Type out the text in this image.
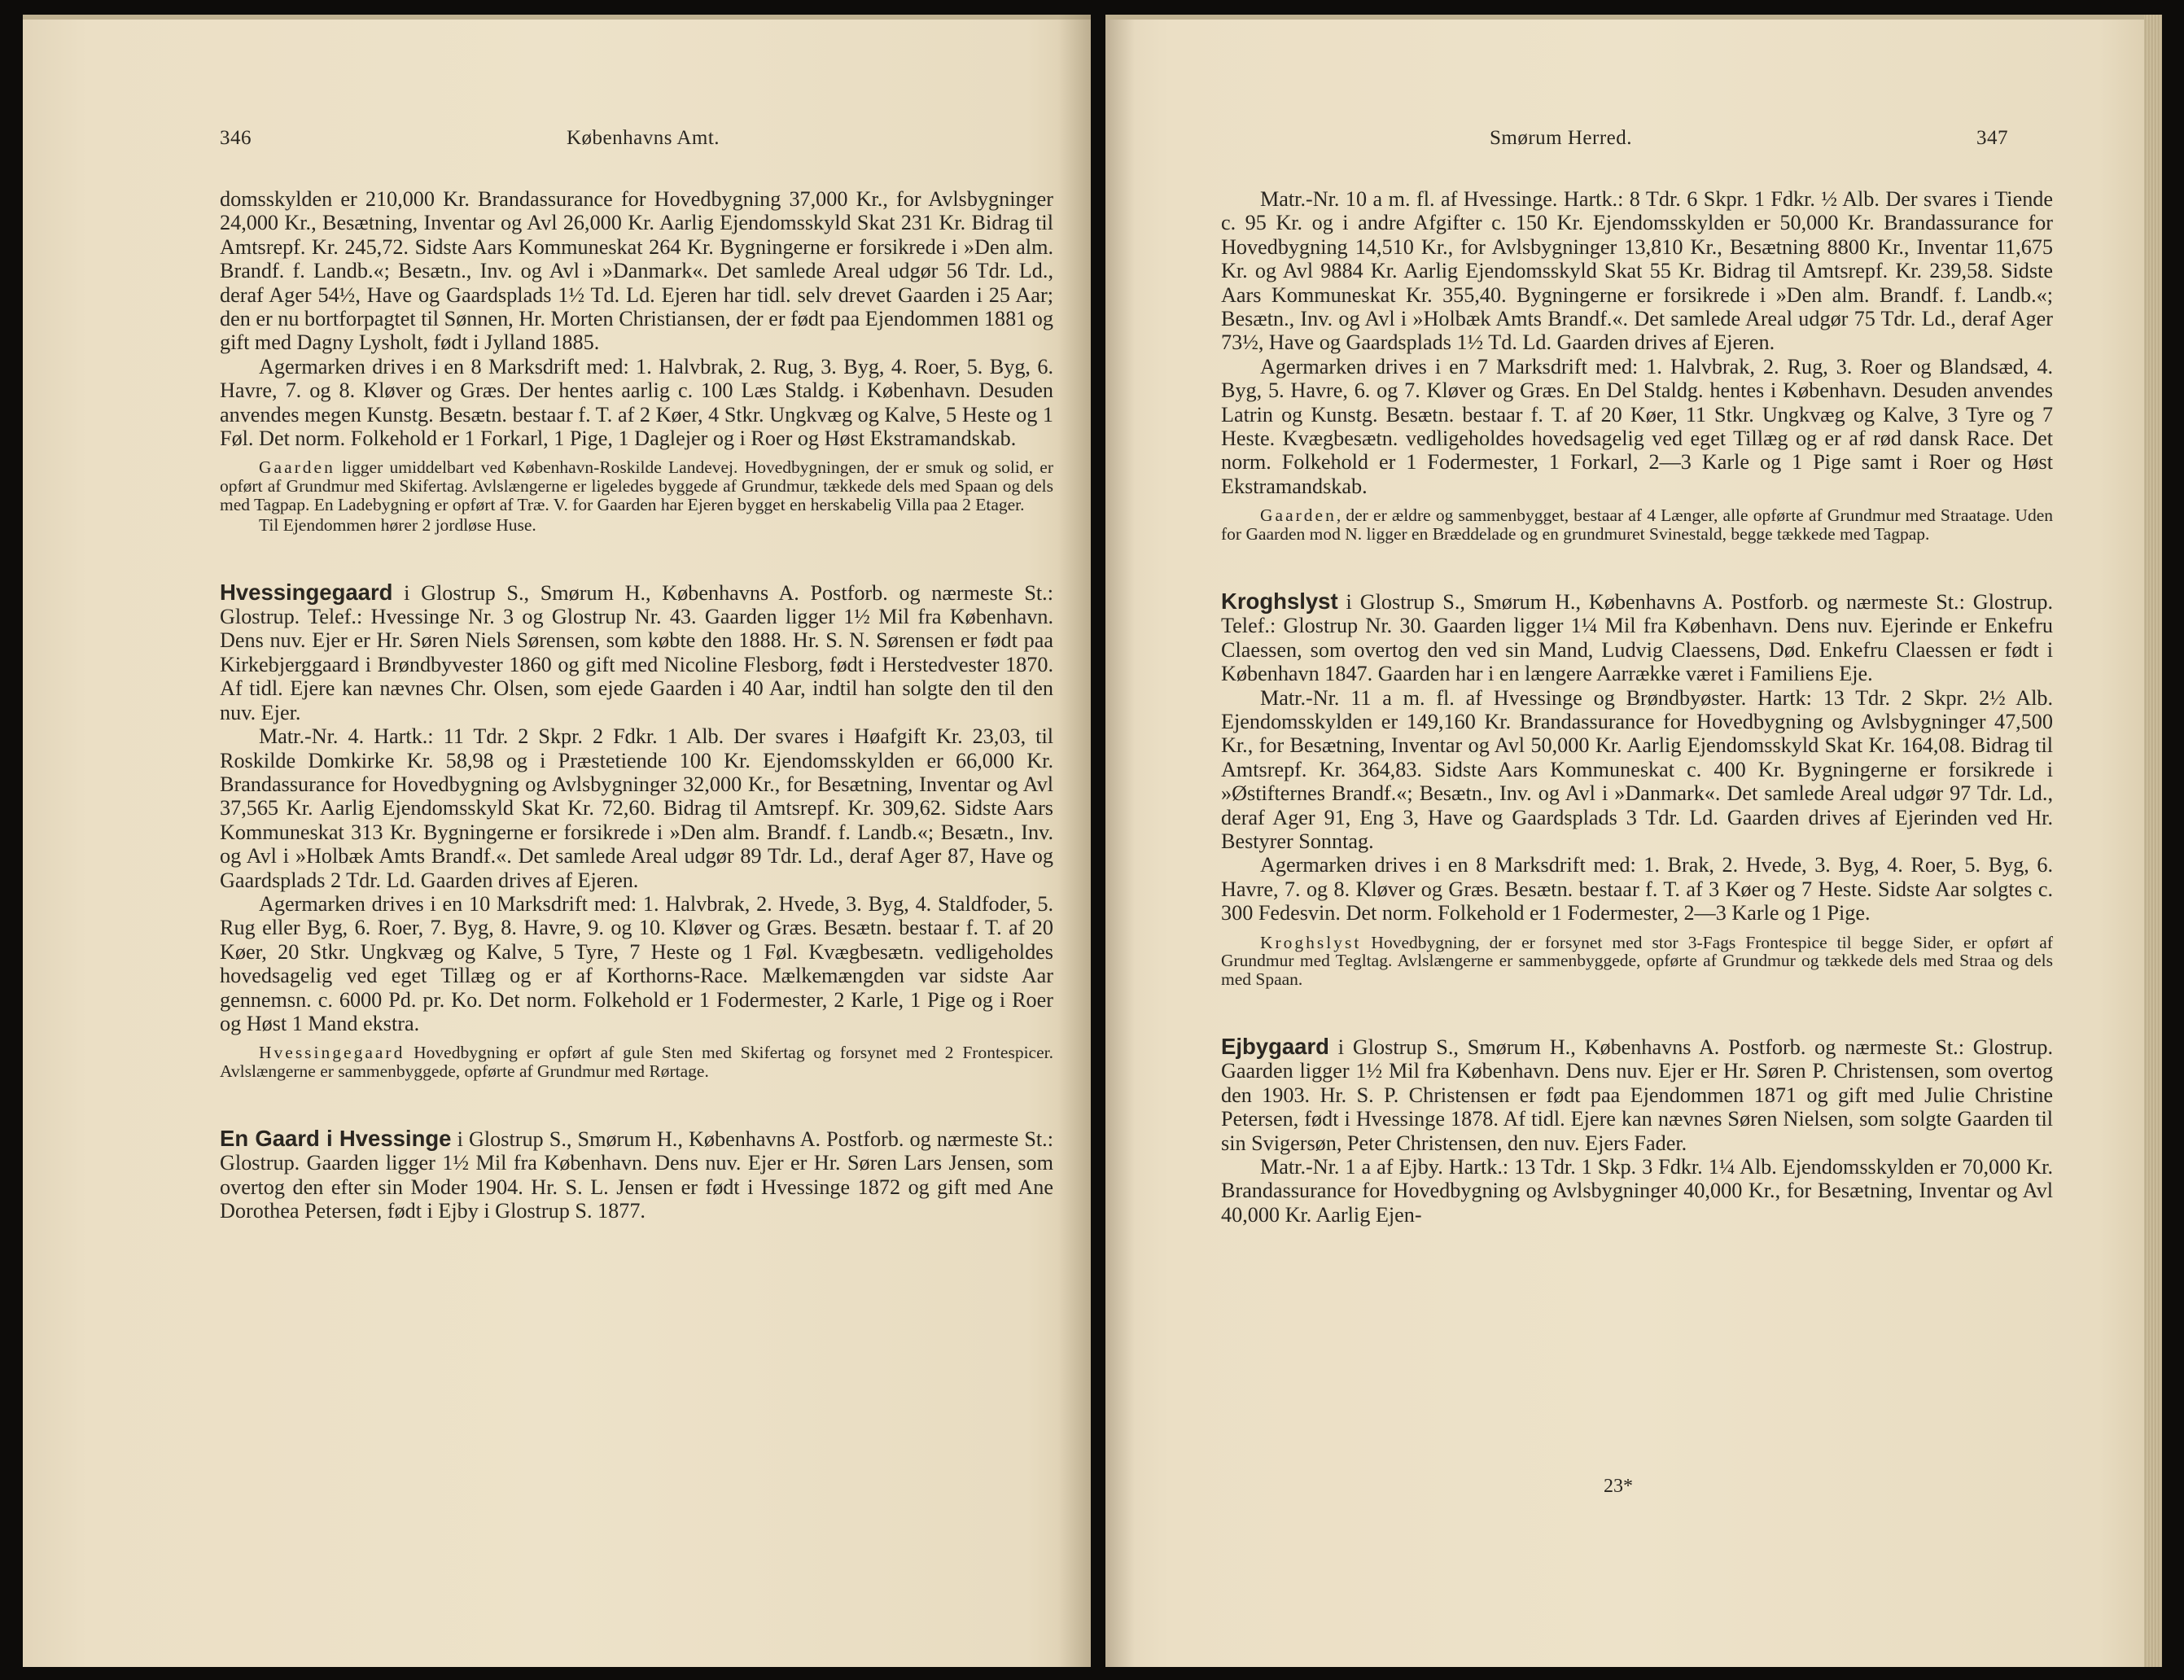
346	Københavns Amt.

domsskylden er 210,000 Kr. Brandassurance for Hovedbygning 37,000 Kr., for Avlsbygninger 24,000 Kr., Besætning, Inventar og Avl 26,000 Kr. Aarlig Ejendomsskyld Skat 231 Kr. Bidrag til Amtsrepf. Kr. 245,72. Sidste Aars Kommuneskat 264 Kr. Bygningerne er forsikrede i »Den alm. Brandf. f. Landb.«; Besætn., Inv. og Avl i »Danmark«. Det samlede Areal udgør 56 Tdr. Ld., deraf Ager 54½, Have og Gaardsplads 1½ Td. Ld. Ejeren har tidl. selv drevet Gaarden i 25 Aar; den er nu bortforpagtet til Sønnen, Hr. Morten Christiansen, der er født paa Ejendommen 1881 og gift med Dagny Lysholt, født i Jylland 1885.

Agermarken drives i en 8 Marksdrift med: 1. Halvbrak, 2. Rug, 3. Byg, 4. Roer, 5. Byg, 6. Havre, 7. og 8. Kløver og Græs. Der hentes aarlig c. 100 Læs Staldg. i København. Desuden anvendes megen Kunstg. Besætn. bestaar f. T. af 2 Køer, 4 Stkr. Ungkvæg og Kalve, 5 Heste og 1 Føl. Det norm. Folkehold er 1 Forkarl, 1 Pige, 1 Daglejer og i Roer og Høst Ekstramandskab.

Gaarden ligger umiddelbart ved København-Roskilde Landevej. Hovedbygningen, der er smuk og solid, er opført af Grundmur med Skifertag. Avlslængerne er ligeledes byggede af Grundmur, tækkede dels med Spaan og dels med Tagpap. En Ladebygning er opført af Træ. V. for Gaarden har Ejeren bygget en herskabelig Villa paa 2 Etager.

Til Ejendommen hører 2 jordløse Huse.

Hvessingegaard i Glostrup S., Smørum H., Københavns A. Postforb. og nærmeste St.: Glostrup. Telef.: Hvessinge Nr. 3 og Glostrup Nr. 43. Gaarden ligger 1½ Mil fra København. Dens nuv. Ejer er Hr. Søren Niels Sørensen, som købte den 1888. Hr. S. N. Sørensen er født paa Kirkebjerggaard i Brøndbyvester 1860 og gift med Nicoline Flesborg, født i Herstedvester 1870. Af tidl. Ejere kan nævnes Chr. Olsen, som ejede Gaarden i 40 Aar, indtil han solgte den til den nuv. Ejer.

Matr.-Nr. 4. Hartk.: 11 Tdr. 2 Skpr. 2 Fdkr. 1 Alb. Der svares i Høafgift Kr. 23,03, til Roskilde Domkirke Kr. 58,98 og i Præstetiende 100 Kr. Ejendomsskylden er 66,000 Kr. Brandassurance for Hovedbygning og Avlsbygninger 32,000 Kr., for Besætning, Inventar og Avl 37,565 Kr. Aarlig Ejendomsskyld Skat Kr. 72,60. Bidrag til Amtsrepf. Kr. 309,62. Sidste Aars Kommuneskat 313 Kr. Bygningerne er forsikrede i »Den alm. Brandf. f. Landb.«; Besætn., Inv. og Avl i »Holbæk Amts Brandf.«. Det samlede Areal udgør 89 Tdr. Ld., deraf Ager 87, Have og Gaardsplads 2 Tdr. Ld. Gaarden drives af Ejeren.

Agermarken drives i en 10 Marksdrift med: 1. Halvbrak, 2. Hvede, 3. Byg, 4. Staldfoder, 5. Rug eller Byg, 6. Roer, 7. Byg, 8. Havre, 9. og 10. Kløver og Græs. Besætn. bestaar f. T. af 20 Køer, 20 Stkr. Ungkvæg og Kalve, 5 Tyre, 7 Heste og 1 Føl. Kvægbesætn. vedligeholdes hovedsagelig ved eget Tillæg og er af Korthorns-Race. Mælkemængden var sidste Aar gennemsn. c. 6000 Pd. pr. Ko. Det norm. Folkehold er 1 Fodermester, 2 Karle, 1 Pige og i Roer og Høst 1 Mand ekstra.

Hvessingegaard Hovedbygning er opført af gule Sten med Skifertag og forsynet med 2 Frontespicer. Avlslængerne er sammenbyggede, opførte af Grundmur med Rørtage.

En Gaard i Hvessinge i Glostrup S., Smørum H., Københavns A. Postforb. og nærmeste St.: Glostrup. Gaarden ligger 1½ Mil fra København. Dens nuv. Ejer er Hr. Søren Lars Jensen, som overtog den efter sin Moder 1904. Hr. S. L. Jensen er født i Hvessinge 1872 og gift med Ane Dorothea Petersen, født i Ejby i Glostrup S. 1877.

Smørum Herred.	347

Matr.-Nr. 10 a m. fl. af Hvessinge. Hartk.: 8 Tdr. 6 Skpr. 1 Fdkr. ½ Alb. Der svares i Tiende c. 95 Kr. og i andre Afgifter c. 150 Kr. Ejendomsskylden er 50,000 Kr. Brandassurance for Hovedbygning 14,510 Kr., for Avlsbygninger 13,810 Kr., Besætning 8800 Kr., Inventar 11,675 Kr. og Avl 9884 Kr. Aarlig Ejendomsskyld Skat 55 Kr. Bidrag til Amtsrepf. Kr. 239,58. Sidste Aars Kommuneskat Kr. 355,40. Bygningerne er forsikrede i »Den alm. Brandf. f. Landb.«; Besætn., Inv. og Avl i »Holbæk Amts Brandf.«. Det samlede Areal udgør 75 Tdr. Ld., deraf Ager 73½, Have og Gaardsplads 1½ Td. Ld. Gaarden drives af Ejeren.

Agermarken drives i en 7 Marksdrift med: 1. Halvbrak, 2. Rug, 3. Roer og Blandsæd, 4. Byg, 5. Havre, 6. og 7. Kløver og Græs. En Del Staldg. hentes i København. Desuden anvendes Latrin og Kunstg. Besætn. bestaar f. T. af 20 Køer, 11 Stkr. Ungkvæg og Kalve, 3 Tyre og 7 Heste. Kvægbesætn. vedligeholdes hovedsagelig ved eget Tillæg og er af rød dansk Race. Det norm. Folkehold er 1 Fodermester, 1 Forkarl, 2—3 Karle og 1 Pige samt i Roer og Høst Ekstramandskab.

Gaarden, der er ældre og sammenbygget, bestaar af 4 Længer, alle opførte af Grundmur med Straatage. Uden for Gaarden mod N. ligger en Bræddelade og en grundmuret Svinestald, begge tækkede med Tagpap.

Kroghslyst i Glostrup S., Smørum H., Københavns A. Postforb. og nærmeste St.: Glostrup. Telef.: Glostrup Nr. 30. Gaarden ligger 1¼ Mil fra København. Dens nuv. Ejerinde er Enkefru Claessen, som overtog den ved sin Mand, Ludvig Claessens, Død. Enkefru Claessen er født i København 1847. Gaarden har i en længere Aarrække været i Familiens Eje.

Matr.-Nr. 11 a m. fl. af Hvessinge og Brøndbyøster. Hartk: 13 Tdr. 2 Skpr. 2½ Alb. Ejendomsskylden er 149,160 Kr. Brandassurance for Hovedbygning og Avlsbygninger 47,500 Kr., for Besætning, Inventar og Avl 50,000 Kr. Aarlig Ejendomsskyld Skat Kr. 164,08. Bidrag til Amtsrepf. Kr. 364,83. Sidste Aars Kommuneskat c. 400 Kr. Bygningerne er forsikrede i »Østifternes Brandf.«; Besætn., Inv. og Avl i »Danmark«. Det samlede Areal udgør 97 Tdr. Ld., deraf Ager 91, Eng 3, Have og Gaardsplads 3 Tdr. Ld. Gaarden drives af Ejerinden ved Hr. Bestyrer Sonntag.

Agermarken drives i en 8 Marksdrift med: 1. Brak, 2. Hvede, 3. Byg, 4. Roer, 5. Byg, 6. Havre, 7. og 8. Kløver og Græs. Besætn. bestaar f. T. af 3 Køer og 7 Heste. Sidste Aar solgtes c. 300 Fedesvin. Det norm. Folkehold er 1 Fodermester, 2—3 Karle og 1 Pige.

Kroghslyst Hovedbygning, der er forsynet med stor 3-Fags Frontespice til begge Sider, er opført af Grundmur med Tegltag. Avlslængerne er sammenbyggede, opførte af Grundmur og tækkede dels med Straa og dels med Spaan.

Ejbygaard i Glostrup S., Smørum H., Københavns A. Postforb. og nærmeste St.: Glostrup. Gaarden ligger 1½ Mil fra København. Dens nuv. Ejer er Hr. Søren P. Christensen, som overtog den 1903. Hr. S. P. Christensen er født paa Ejendommen 1871 og gift med Julie Christine Petersen, født i Hvessinge 1878. Af tidl. Ejere kan nævnes Søren Nielsen, som solgte Gaarden til sin Svigersøn, Peter Christensen, den nuv. Ejers Fader.

Matr.-Nr. 1 a af Ejby. Hartk.: 13 Tdr. 1 Skp. 3 Fdkr. 1¼ Alb. Ejendomsskylden er 70,000 Kr. Brandassurance for Hovedbygning og Avlsbygninger 40,000 Kr., for Besætning, Inventar og Avl 40,000 Kr. Aarlig Ejen-

23*
